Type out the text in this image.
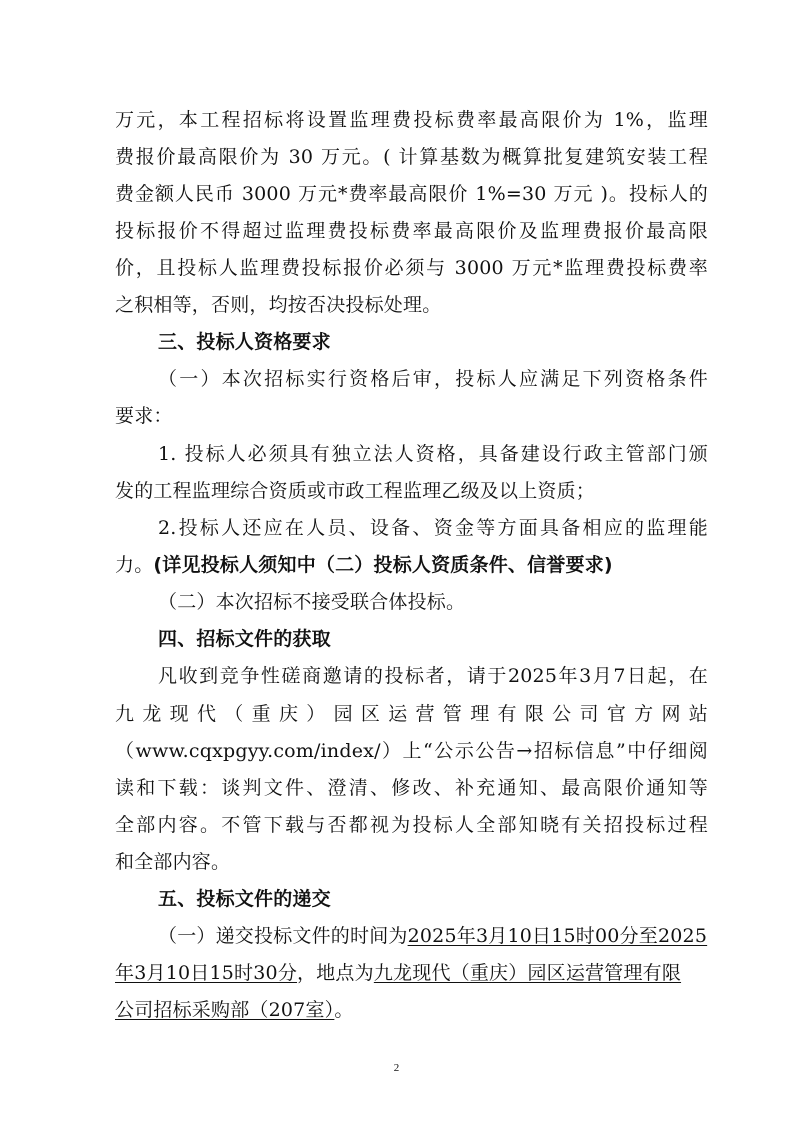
万元，本工程招标将设置监理费投标费率最高限价为 1%，监理
费报价最高限价为 30 万元。( 计算基数为概算批复建筑安装工程
费金额人民币 3000 万元*费率最高限价 1%=30 万元 )。投标人的
投标报价不得超过监理费投标费率最高限价及监理费报价最高限
价，且投标人监理费投标报价必须与 3000 万元*监理费投标费率
之积相等，否则，均按否决投标处理。
三、投标人资格要求
（一）本次招标实行资格后审，投标人应满足下列资格条件
要求：
1. 投标人必须具有独立法人资格，具备建设行政主管部门颁
发的工程监理综合资质或市政工程监理乙级及以上资质；
2.投标人还应在人员、设备、资金等方面具备相应的监理能
力。(详见投标人须知中（二）投标人资质条件、信誉要求)
（二）本次招标不接受联合体投标。
四、招标文件的获取
凡收到竞争性磋商邀请的投标者，请于2025年3月7日起，在
九龙现代（重庆）园区运营管理有限公司官方网站
（www.cqxpgyy.com/index/）上“公示公告→招标信息”中仔细阅
读和下载：谈判文件、澄清、修改、补充通知、最高限价通知等
全部内容。不管下载与否都视为投标人全部知晓有关招投标过程
和全部内容。
五、投标文件的递交
（一）递交投标文件的时间为2025年3月10日15时00分至2025
年3月10日15时30分，地点为九龙现代（重庆）园区运营管理有限
公司招标采购部（207室）。
2
